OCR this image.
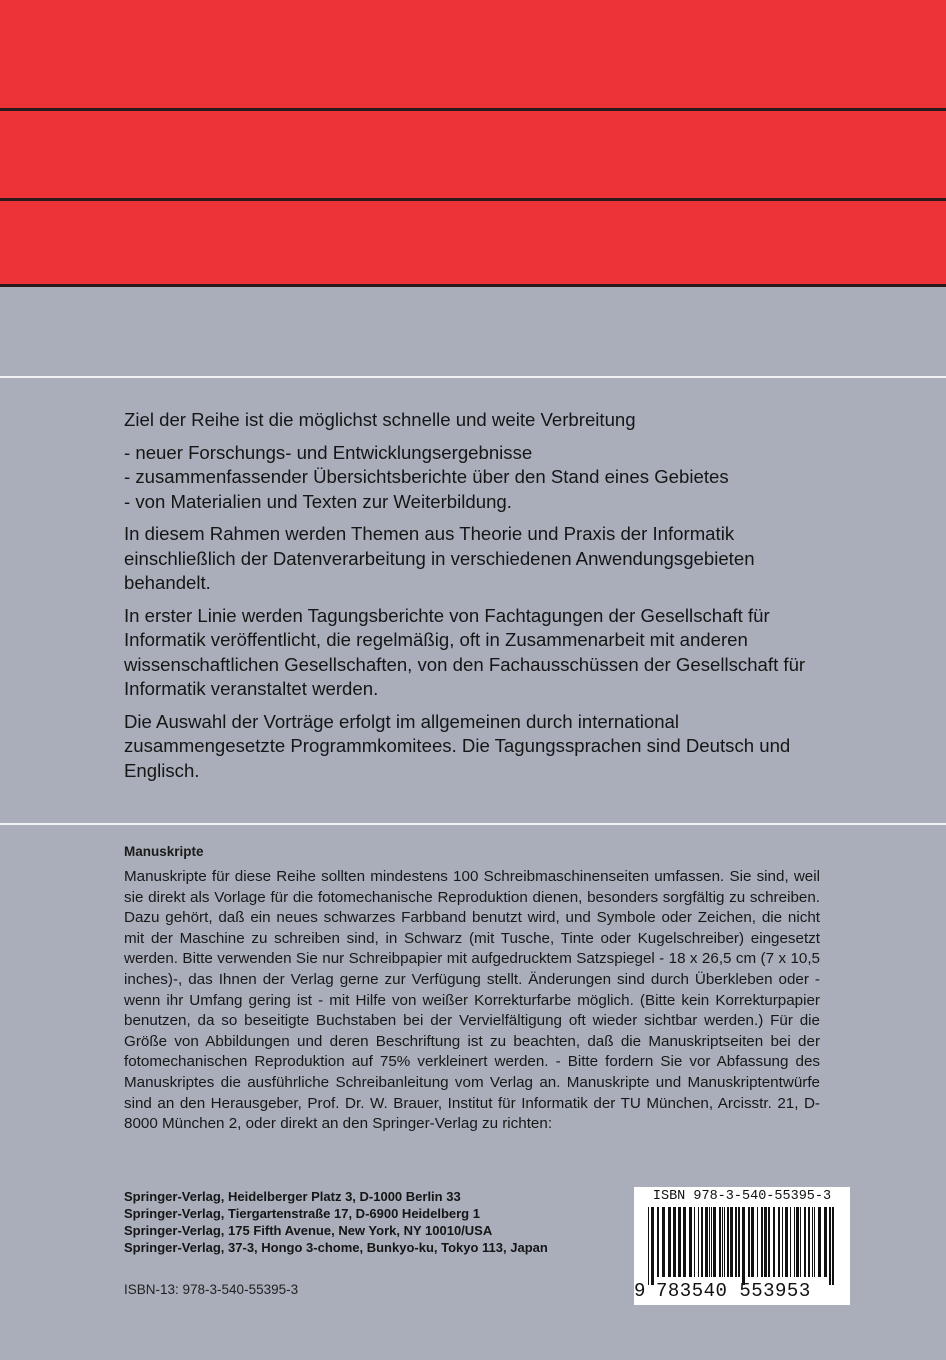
Ziel der Reihe ist die möglichst schnelle und weite Verbreitung

- neuer Forschungs- und Entwicklungsergebnisse
- zusammenfassender Übersichtsberichte über den Stand eines Gebietes
- von Materialien und Texten zur Weiterbildung.

In diesem Rahmen werden Themen aus Theorie und Praxis der Informatik einschließlich der Datenverarbeitung in verschiedenen Anwendungsgebieten behandelt.

In erster Linie werden Tagungsberichte von Fachtagungen der Gesellschaft für Informatik veröffentlicht, die regelmäßig, oft in Zusammenarbeit mit anderen wissenschaftlichen Gesellschaften, von den Fachausschüssen der Gesellschaft für Informatik veranstaltet werden.

Die Auswahl der Vorträge erfolgt im allgemeinen durch international zusammengesetzte Programmkomitees. Die Tagungssprachen sind Deutsch und Englisch.

Manuskripte
Manuskripte für diese Reihe sollten mindestens 100 Schreibmaschinenseiten umfassen. Sie sind, weil sie direkt als Vorlage für die fotomechanische Reproduktion dienen, besonders sorgfältig zu schreiben. Dazu gehört, daß ein neues schwarzes Farbband benutzt wird, und Symbole oder Zeichen, die nicht mit der Maschine zu schreiben sind, in Schwarz (mit Tusche, Tinte oder Kugelschreiber) eingesetzt werden. Bitte verwenden Sie nur Schreibpapier mit aufgedrucktem Satzspiegel - 18 x 26,5 cm (7 x 10,5 inches)-, das Ihnen der Verlag gerne zur Verfügung stellt. Änderungen sind durch Überkleben oder - wenn ihr Umfang gering ist - mit Hilfe von weißer Korrekturfarbe möglich. (Bitte kein Korrekturpapier benutzen, da so beseitigte Buchstaben bei der Vervielfältigung oft wieder sichtbar werden.) Für die Größe von Abbildungen und deren Beschriftung ist zu beachten, daß die Manuskriptseiten bei der fotomechanischen Reproduktion auf 75% verkleinert werden. - Bitte fordern Sie vor Abfassung des Manuskriptes die ausführliche Schreibanleitung vom Verlag an. Manuskripte und Manuskriptentwürfe sind an den Herausgeber, Prof. Dr. W. Brauer, Institut für Informatik der TU München, Arcisstr. 21, D-8000 München 2, oder direkt an den Springer-Verlag zu richten:
Springer-Verlag, Heidelberger Platz 3, D-1000 Berlin 33
Springer-Verlag, Tiergartenstraße 17, D-6900 Heidelberg 1
Springer-Verlag, 175 Fifth Avenue, New York, NY 10010/USA
Springer-Verlag, 37-3, Hongo 3-chome, Bunkyo-ku, Tokyo 113, Japan
ISBN-13: 978-3-540-55395-3
ISBN 978-3-540-55395-3
9 783540 553953
